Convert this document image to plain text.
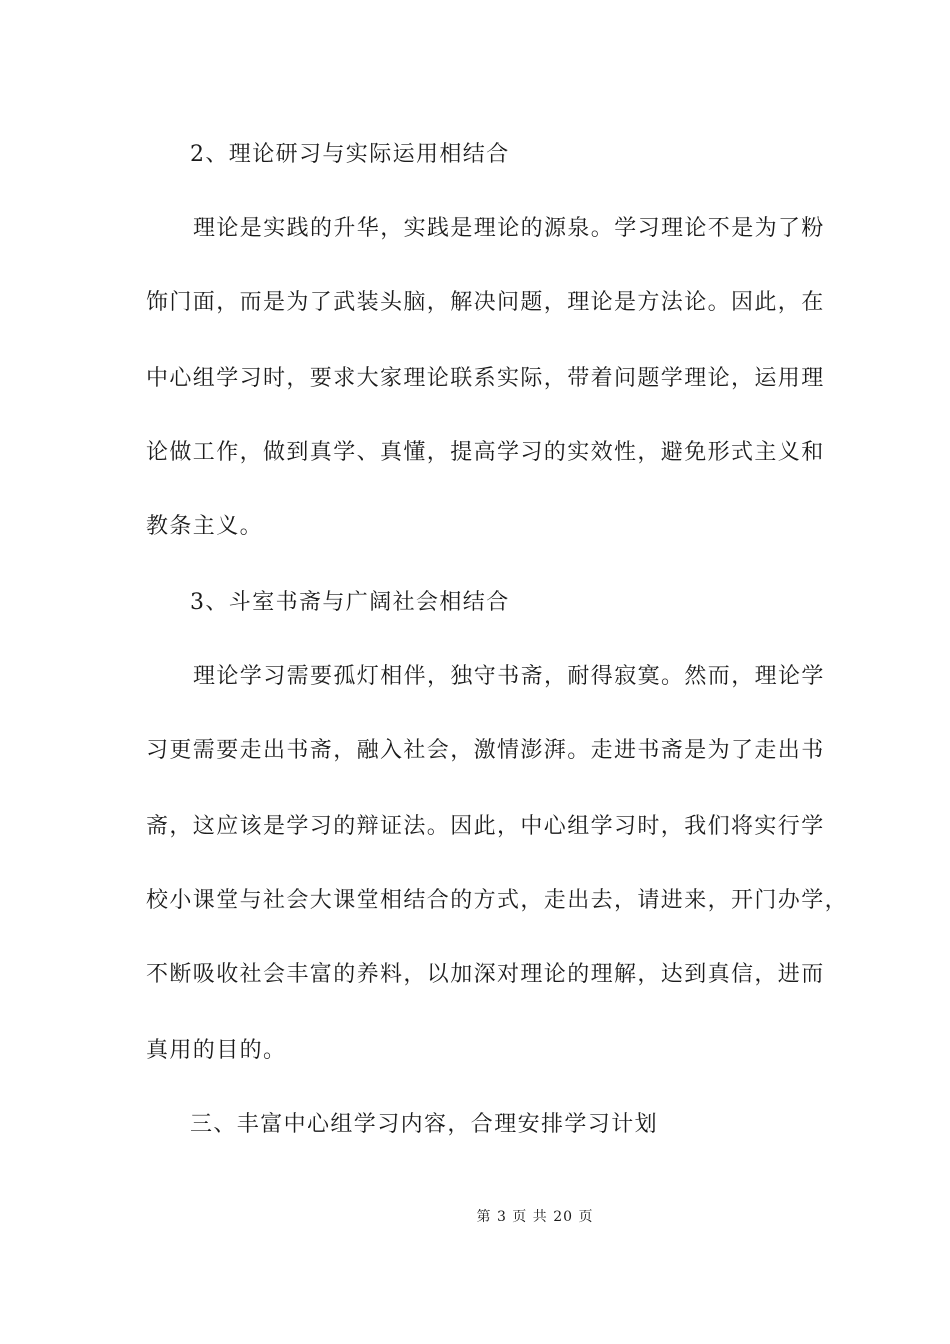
2、理论研习与实际运用相结合
理论是实践的升华，实践是理论的源泉。学习理论不是为了粉
饰门面，而是为了武装头脑，解决问题，理论是方法论。因此，在
中心组学习时，要求大家理论联系实际，带着问题学理论，运用理
论做工作，做到真学、真懂，提高学习的实效性，避免形式主义和
教条主义。
3、斗室书斋与广阔社会相结合
理论学习需要孤灯相伴，独守书斋，耐得寂寞。然而，理论学
习更需要走出书斋，融入社会，激情澎湃。走进书斋是为了走出书
斋，这应该是学习的辩证法。因此，中心组学习时，我们将实行学
校小课堂与社会大课堂相结合的方式，走出去，请进来，开门办学，
不断吸收社会丰富的养料，以加深对理论的理解，达到真信，进而
真用的目的。
三、丰富中心组学习内容，合理安排学习计划
第 3 页 共 20 页
